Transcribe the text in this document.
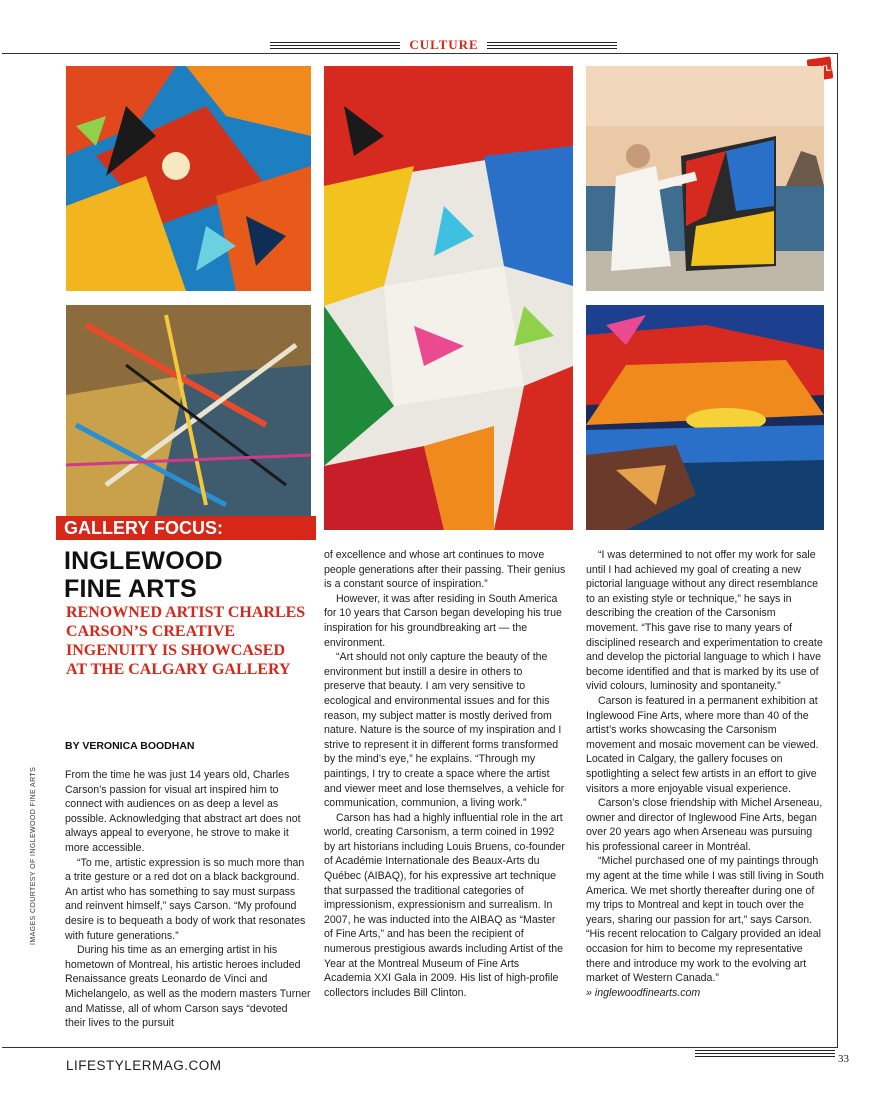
CULTURE
GALLERY FOCUS:
INGLEWOOD
FINE ARTS
RENOWNED ARTIST CHARLES CARSON’S CREATIVE INGENUITY IS SHOWCASED AT THE CALGARY GALLERY
BY VERONICA BOODHAN

From the time he was just 14 years old, Charles Carson’s passion for visual art inspired him to connect with audiences on as deep a level as possible. Acknowledging that abstract art does not always appeal to everyone, he strove to make it more accessible.

“To me, artistic expression is so much more than a trite gesture or a red dot on a black background. An artist who has something to say must surpass and reinvent himself,” says Carson. “My profound desire is to bequeath a body of work that resonates with future generations.”

During his time as an emerging artist in his hometown of Montreal, his artistic heroes included Renaissance greats Leonardo de Vinci and Michelangelo, as well as the modern masters Turner and Matisse, all of whom Carson says “devoted their lives to the pursuit

of excellence and whose art continues to move people generations after their passing. Their genius is a constant source of inspiration.”

However, it was after residing in South America for 10 years that Carson began developing his true inspiration for his groundbreaking art — the environment.

“Art should not only capture the beauty of the environment but instill a desire in others to preserve that beauty. I am very sensitive to ecological and environmental issues and for this reason, my subject matter is mostly derived from nature. Nature is the source of my inspiration and I strive to represent it in different forms transformed by the mind’s eye,” he explains. “Through my paintings, I try to create a space where the artist and viewer meet and lose themselves, a vehicle for communication, communion, a living work.”

Carson has had a highly influential role in the art world, creating Carsonism, a term coined in 1992 by art historians including Louis Bruens, co-founder of Académie Internationale des Beaux-Arts du Québec (AIBAQ), for his expressive art technique that surpassed the traditional categories of impressionism, expressionism and surrealism. In 2007, he was inducted into the AIBAQ as “Master of Fine Arts,” and has been the recipient of numerous prestigious awards including Artist of the Year at the Montreal Museum of Fine Arts Academia XXI Gala in 2009. His list of high-profile collectors includes Bill Clinton.

“I was determined to not offer my work for sale until I had achieved my goal of creating a new pictorial language without any direct resemblance to an existing style or technique,” he says in describing the creation of the Carsonism movement. “This gave rise to many years of disciplined research and experimentation to create and develop the pictorial language to which I have become identified and that is marked by its use of vivid colours, luminosity and spontaneity.”

Carson is featured in a permanent exhibition at Inglewood Fine Arts, where more than 40 of the artist’s works showcasing the Carsonism movement and mosaic movement can be viewed. Located in Calgary, the gallery focuses on spotlighting a select few artists in an effort to give visitors a more enjoyable visual experience.

Carson’s close friendship with Michel Arseneau, owner and director of Inglewood Fine Arts, began over 20 years ago when Arseneau was pursuing his professional career in Montréal.

“Michel purchased one of my paintings through my agent at the time while I was still living in South America. We met shortly thereafter during one of my trips to Montreal and kept in touch over the years, sharing our passion for art,” says Carson. “His recent relocation to Calgary provided an ideal occasion for him to become my representative there and introduce my work to the evolving art market of Western Canada.”

» inglewoodfinearts.com

IMAGES COURTESY OF INGLEWOOD FINE ARTS
LIFESTYLERMAG.COM	33
